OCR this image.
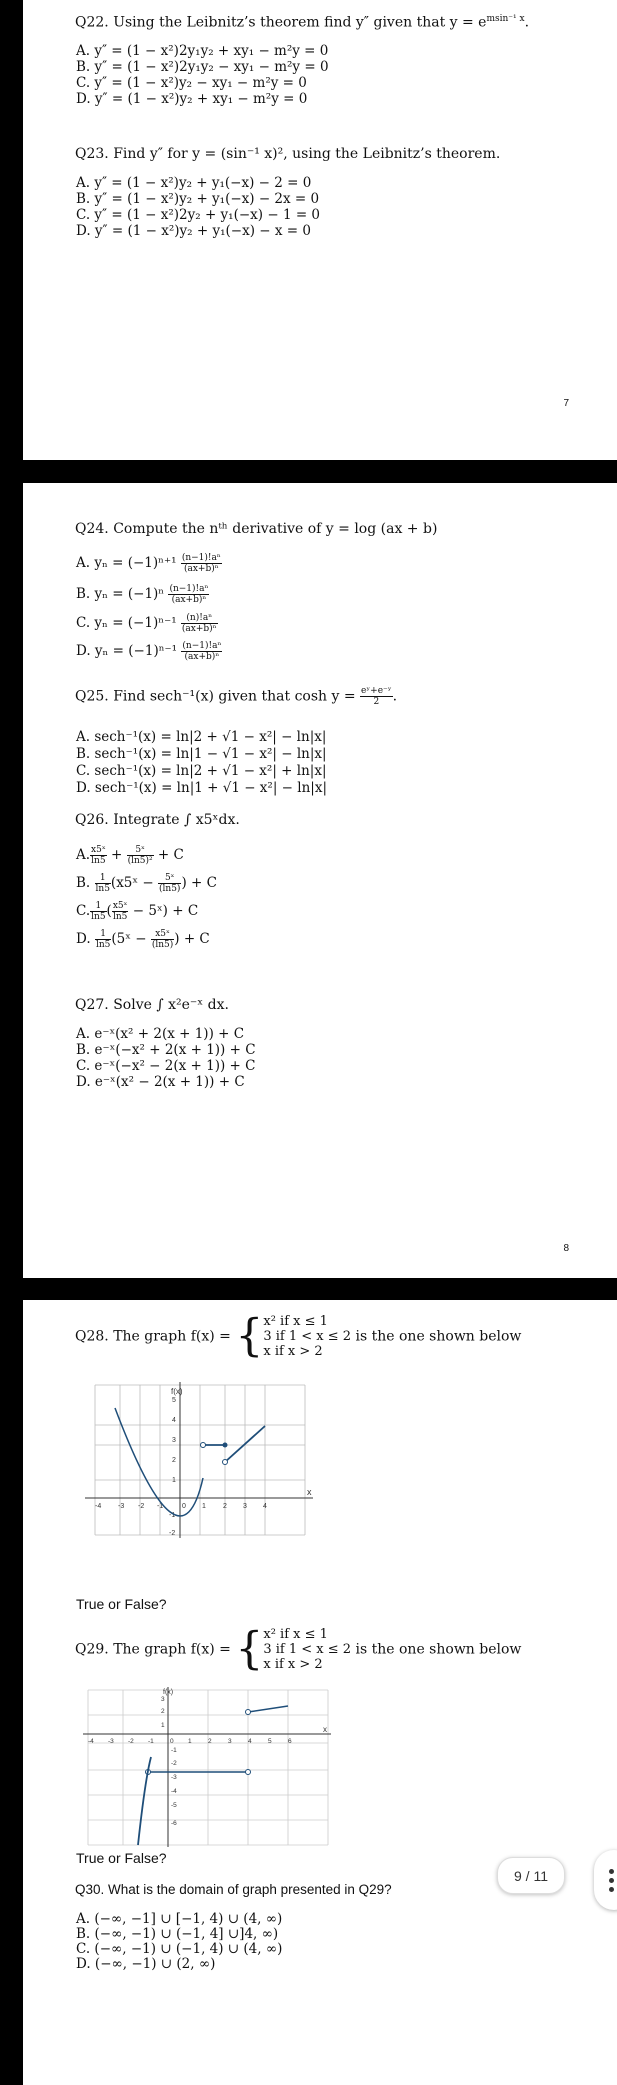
Q22. Using the Leibnitz’s theorem find y″ given that $y = e^{msin^{-1} x}$.
A. y″ = (1 − x²)2y₁y₂ + xy₁ − m²y = 0
B. y″ = (1 − x²)2y₁y₂ − xy₁ − m²y = 0
C. y″ = (1 − x²)y₂ − xy₁ − m²y = 0
D. y″ = (1 − x²)y₂ + xy₁ − m²y = 0
Q23. Find y″ for y = (sin⁻¹ x)², using the Leibnitz’s theorem.
A. y″ = (1 − x²)y₂ + y₁(−x) − 2 = 0
B. y″ = (1 − x²)y₂ + y₁(−x) − 2x = 0
C. y″ = (1 − x²)2y₂ + y₁(−x) − 1 = 0
D. y″ = (1 − x²)y₂ + y₁(−x) − x = 0
7
Q24. Compute the nᵗʰ derivative of y = log (ax + b)
A. $y_n = (-1)^{n+1} \frac{\text{(n−1)!aⁿ}}{\text{(ax+b)ⁿ}}$
B. $y_n = (-1)^n \frac{\text{(n−1)!aⁿ}}{\text{(ax+b)ⁿ}}$
C. $y_n = (-1)^{n-1} \frac{\text{(n)!aⁿ}}{\text{(ax+b)ⁿ}}$
D. $y_n = (-1)^{n-1} \frac{\text{(n−1)!aⁿ}}{\text{(ax+b)ⁿ}}$
Q25. Find sech⁻¹(x) given that $\cosh y = \frac{\text{eʸ+e⁻ʸ}}{2}$ .
A. sech⁻¹(x) = ln|2 + √1 − x²| − ln|x|
B. sech⁻¹(x) = ln|1 − √1 − x²| − ln|x|
C. sech⁻¹(x) = ln|2 + √1 − x²| + ln|x|
D. sech⁻¹(x) = ln|1 + √1 − x²| − ln|x|
Q26. Integrate ∫ x5ˣdx.
A. $\frac{\text{x5ˣ}}{\ln 5} + \frac{\text{5ˣ}}{\text{(ln5)²}} + C$
B. $\frac{1}{\ln 5}$ (x5ˣ − $\frac{\text{5ˣ}}{(\ln 5)}$ ) + C
C. $\frac{1}{\ln 5}$ ( $\frac{\text{x5ˣ}}{\ln 5}$ − 5ˣ) + C
D. $\frac{1}{\ln 5}$ (5ˣ − $\frac{\text{x5ˣ}}{(\ln 5)}$ ) + C
Q27. Solve ∫ x²e⁻ˣ dx.
A. e⁻ˣ(x² + 2(x + 1)) + C
B. e⁻ˣ(−x² + 2(x + 1)) + C
C. e⁻ˣ(−x² − 2(x + 1)) + C
D. e⁻ˣ(x² − 2(x + 1)) + C
8
Q28. The graph f(x) = { x² if x ≤ 1
3 if 1 < x ≤ 2
x if x > 2
is the one shown below
f(x)
x
-4 -3 -2 -1	0 1 2 3 4
5
4
3
2
1
-1
-2
True or False?
Q29. The graph f(x) = { x² if x ≤ 1
3 if 1 < x ≤ 2
x if x > 2
is the one shown below
f(x)
x
-4 -3 -2 -1 0 1	2	3	4	5	6
3
2
1
-1
-2
-3
-4
-5
-6
True or False?
Q30. What is the domain of graph presented in Q29?
A. (−∞, −1] ∪ [−1, 4) ∪ (4, ∞)
B. (−∞, −1) ∪ (−1, 4] ∪]4, ∞)
C. (−∞, −1) ∪ (−1, 4) ∪ (4, ∞)
D. (−∞, −1) ∪ (2, ∞)
9 / 11
